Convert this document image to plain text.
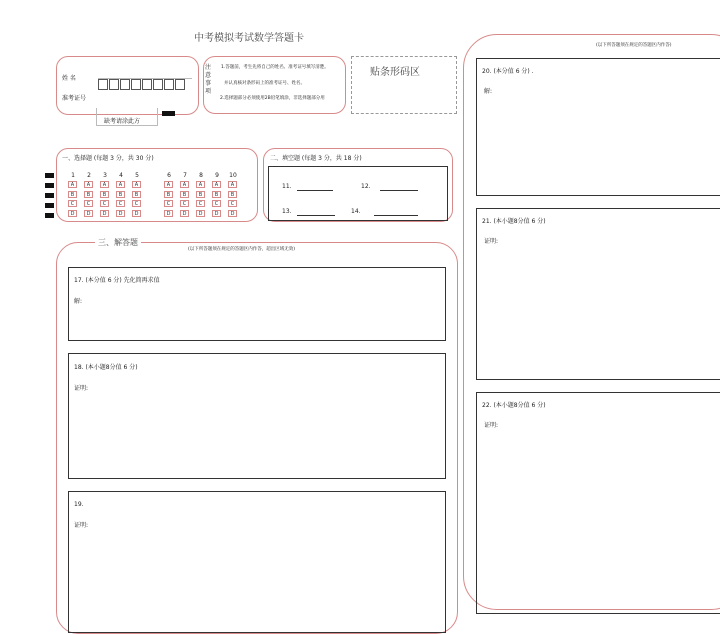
中考模拟考试数学答题卡
姓 名
准考证号
缺考请涂此方
注意事项
1.答题前，考生先将自己的姓名、准考证号填写清楚。
并认真核对条形码上的准考证号、姓名。
2.选择题部分必须使用2B铅笔填涂，非选择题部分用
贴条形码区
一、选择题 (每题 3 分，共 30 分)
1
A
B
C
D
2
A
B
C
D
3
A
B
C
D
4
A
B
C
D
5
A
B
C
D
6
A
B
C
D
7
A
B
C
D
8
A
B
C
D
9
A
B
C
D
10
A
B
C
D
二、填空题 (每题 3 分，共 18 分)
11.	12.
13.	14.
三、解答题
(以下所答题须在规定的答题区内作答，超出区域无效)
17. (本分值 6 分) 先化简再求值
解:
18. (本小题8分值 6 分)
证明:
19.
证明:
(以下所答题须在规定的答题区内作答)
20. (本分值 6 分) .
解:
21. (本小题8分值 6 分)
证明:
22. (本小题8分值 6 分)
证明:
